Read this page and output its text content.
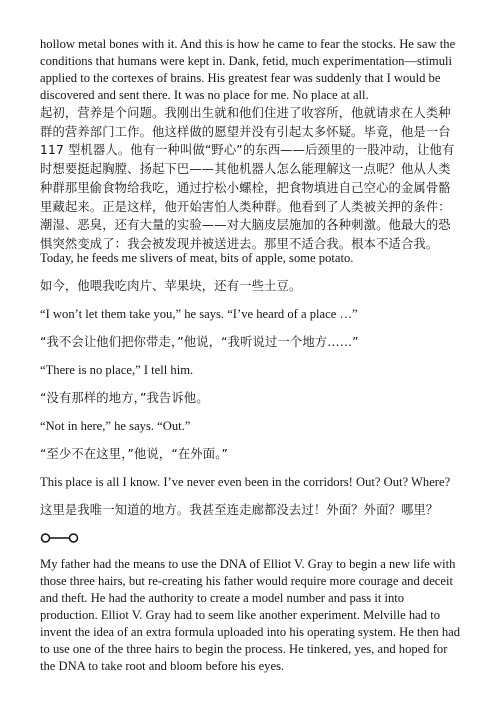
hollow metal bones with it. And this is how he came to fear the stocks. He saw the conditions that humans were kept in. Dank, fetid, much experimentation—stimuli applied to the cortexes of brains. His greatest fear was suddenly that I would be discovered and sent there. It was no place for me. No place at all.

起初，营养是个问题。我刚出生就和他们住进了收容所，他就请求在人类种群的营养部门工作。他这样做的愿望并没有引起太多怀疑。毕竟，他是一台 117 型机器人。他有一种叫做“野心”的东西——后颈里的一股冲动，让他有时想要挺起胸膛、扬起下巴——其他机器人怎么能理解这一点呢？他从人类种群那里偷食物给我吃，通过拧松小螺栓，把食物填进自己空心的金属骨骼里藏起来。正是这样，他开始害怕人类种群。他看到了人类被关押的条件：潮湿、恶臭，还有大量的实验——对大脑皮层施加的各种刺激。他最大的恐惧突然变成了：我会被发现并被送进去。那里不适合我。根本不适合我。

Today, he feeds me slivers of meat, bits of apple, some potato.

如今，他喂我吃肉片、苹果块，还有一些土豆。

“I won’t let them take you,” he says. “I’ve heard of a place …”

“我不会让他们把你带走，”他说，“我听说过一个地方……”

“There is no place,” I tell him.

“没有那样的地方，”我告诉他。

“Not in here,” he says. “Out.”

“至少不在这里，”他说，“在外面。”

This place is all I know. I’ve never even been in the corridors! Out? Out? Where?

这里是我唯一知道的地方。我甚至连走廊都没去过！外面？外面？哪里？

My father had the means to use the DNA of Elliot V. Gray to begin a new life with those three hairs, but re-creating his father would require more courage and deceit and theft. He had the authority to create a model number and pass it into production. Elliot V. Gray had to seem like another experiment. Melville had to invent the idea of an extra formula uploaded into his operating system. He then had to use one of the three hairs to begin the process. He tinkered, yes, and hoped for the DNA to take root and bloom before his eyes.
